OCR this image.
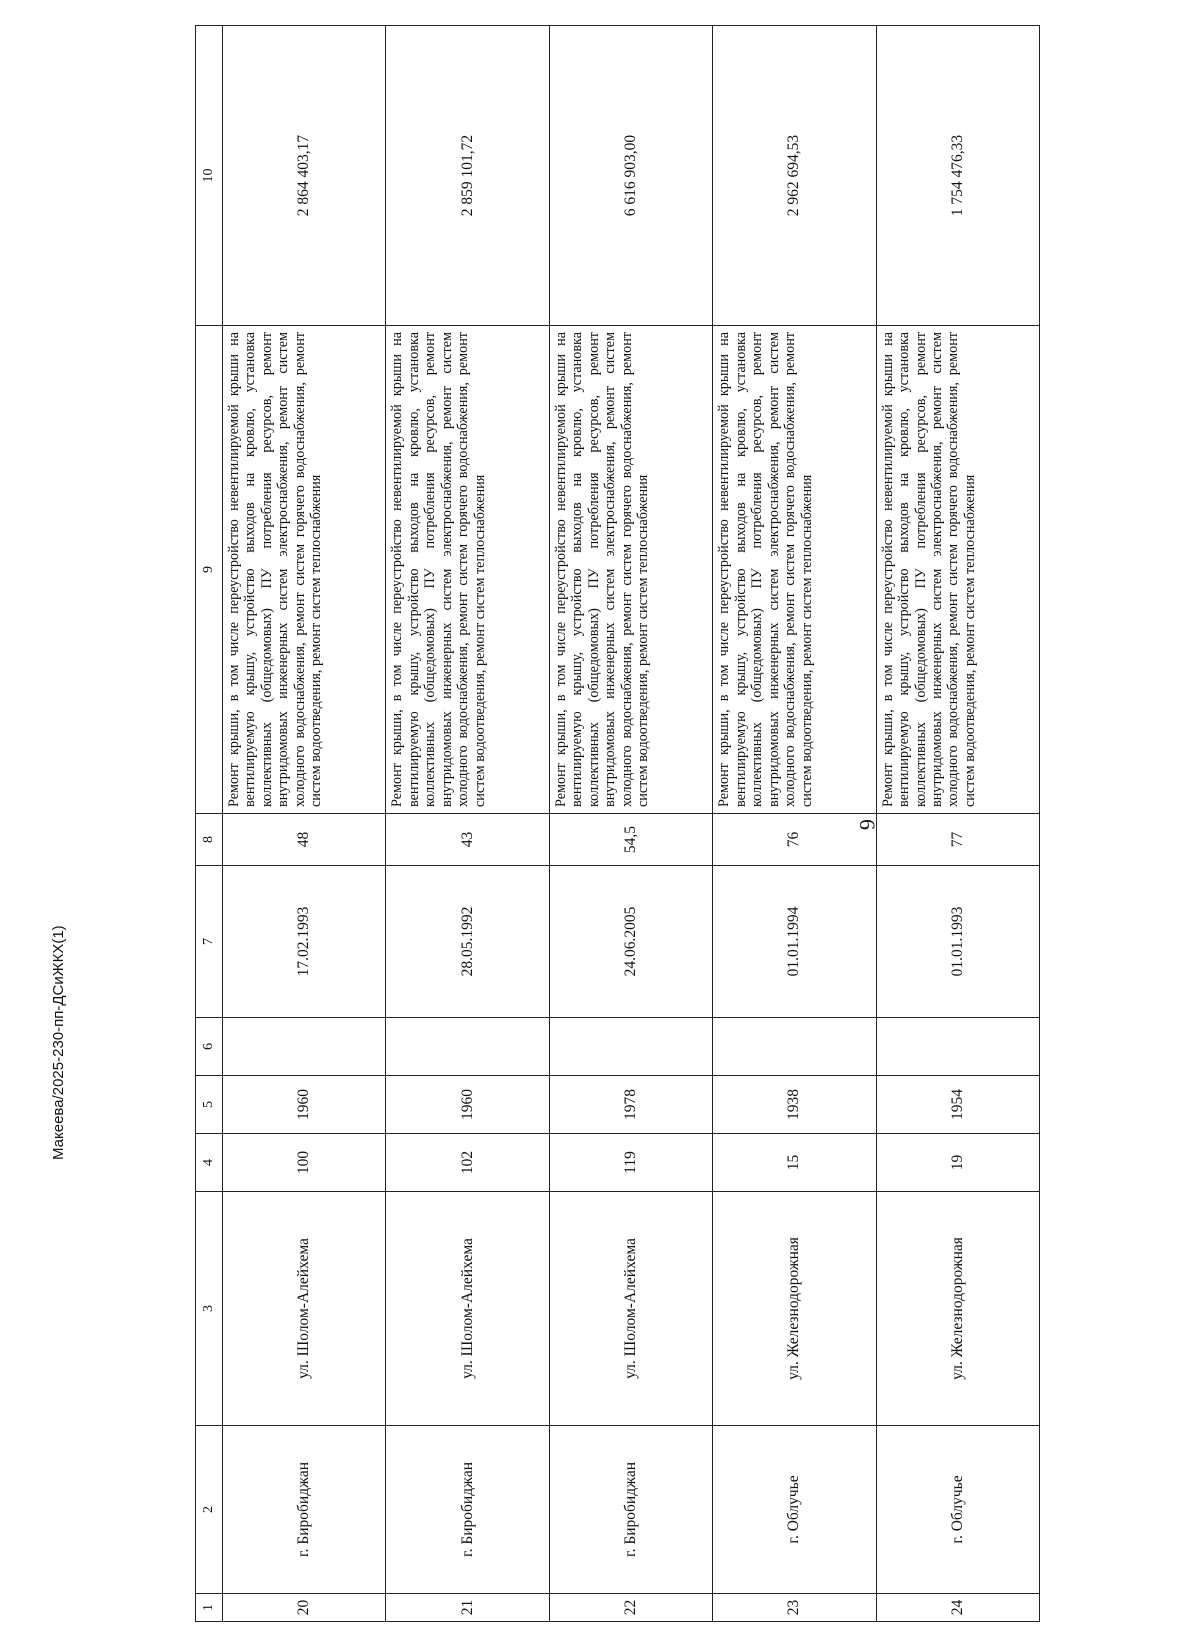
6
1	2	3	4	5	6	7	8	9	10
20	г. Биробиджан	ул. Шолом-Алейхема	100	1960		17.02.1993	48	Ремонт крыши, в том числе переустройство невентилируемой крыши на вентилируемую крышу, устройство выходов на кровлю, установка коллективных (общедомовых) ПУ потребления ресурсов, ремонт внутридомовых инженерных систем электроснабжения, ремонт систем холодного водоснабжения, ремонт систем горячего водоснабжения, ремонт систем водоотведения, ремонт систем теплоснабжения	2 864 403,17
21	г. Биробиджан	ул. Шолом-Алейхема	102	1960		28.05.1992	43	Ремонт крыши, в том числе переустройство невентилируемой крыши на вентилируемую крышу, устройство выходов на кровлю, установка коллективных (общедомовых) ПУ потребления ресурсов, ремонт внутридомовых инженерных систем электроснабжения, ремонт систем холодного водоснабжения, ремонт систем горячего водоснабжения, ремонт систем водоотведения, ремонт систем теплоснабжения	2 859 101,72
22	г. Биробиджан	ул. Шолом-Алейхема	119	1978		24.06.2005	54,5	Ремонт крыши, в том числе переустройство невентилируемой крыши на вентилируемую крышу, устройство выходов на кровлю, установка коллективных (общедомовых) ПУ потребления ресурсов, ремонт внутридомовых инженерных систем электроснабжения, ремонт систем холодного водоснабжения, ремонт систем горячего водоснабжения, ремонт систем водоотведения, ремонт систем теплоснабжения	6 616 903,00
23	г. Облучье	ул. Железнодорожная	15	1938		01.01.1994	76	Ремонт крыши, в том числе переустройство невентилируемой крыши на вентилируемую крышу, устройство выходов на кровлю, установка коллективных (общедомовых) ПУ потребления ресурсов, ремонт внутридомовых инженерных систем электроснабжения, ремонт систем холодного водоснабжения, ремонт систем горячего водоснабжения, ремонт систем водоотведения, ремонт систем теплоснабжения	2 962 694,53
24	г. Облучье	ул. Железнодорожная	19	1954		01.01.1993	77	Ремонт крыши, в том числе переустройство невентилируемой крыши на вентилируемую крышу, устройство выходов на кровлю, установка коллективных (общедомовых) ПУ потребления ресурсов, ремонт внутридомовых инженерных систем электроснабжения, ремонт систем холодного водоснабжения, ремонт систем горячего водоснабжения, ремонт систем водоотведения, ремонт систем теплоснабжения	1 754 476,33
Макеева/2025-230-пп-ДСиЖКХ(1)
